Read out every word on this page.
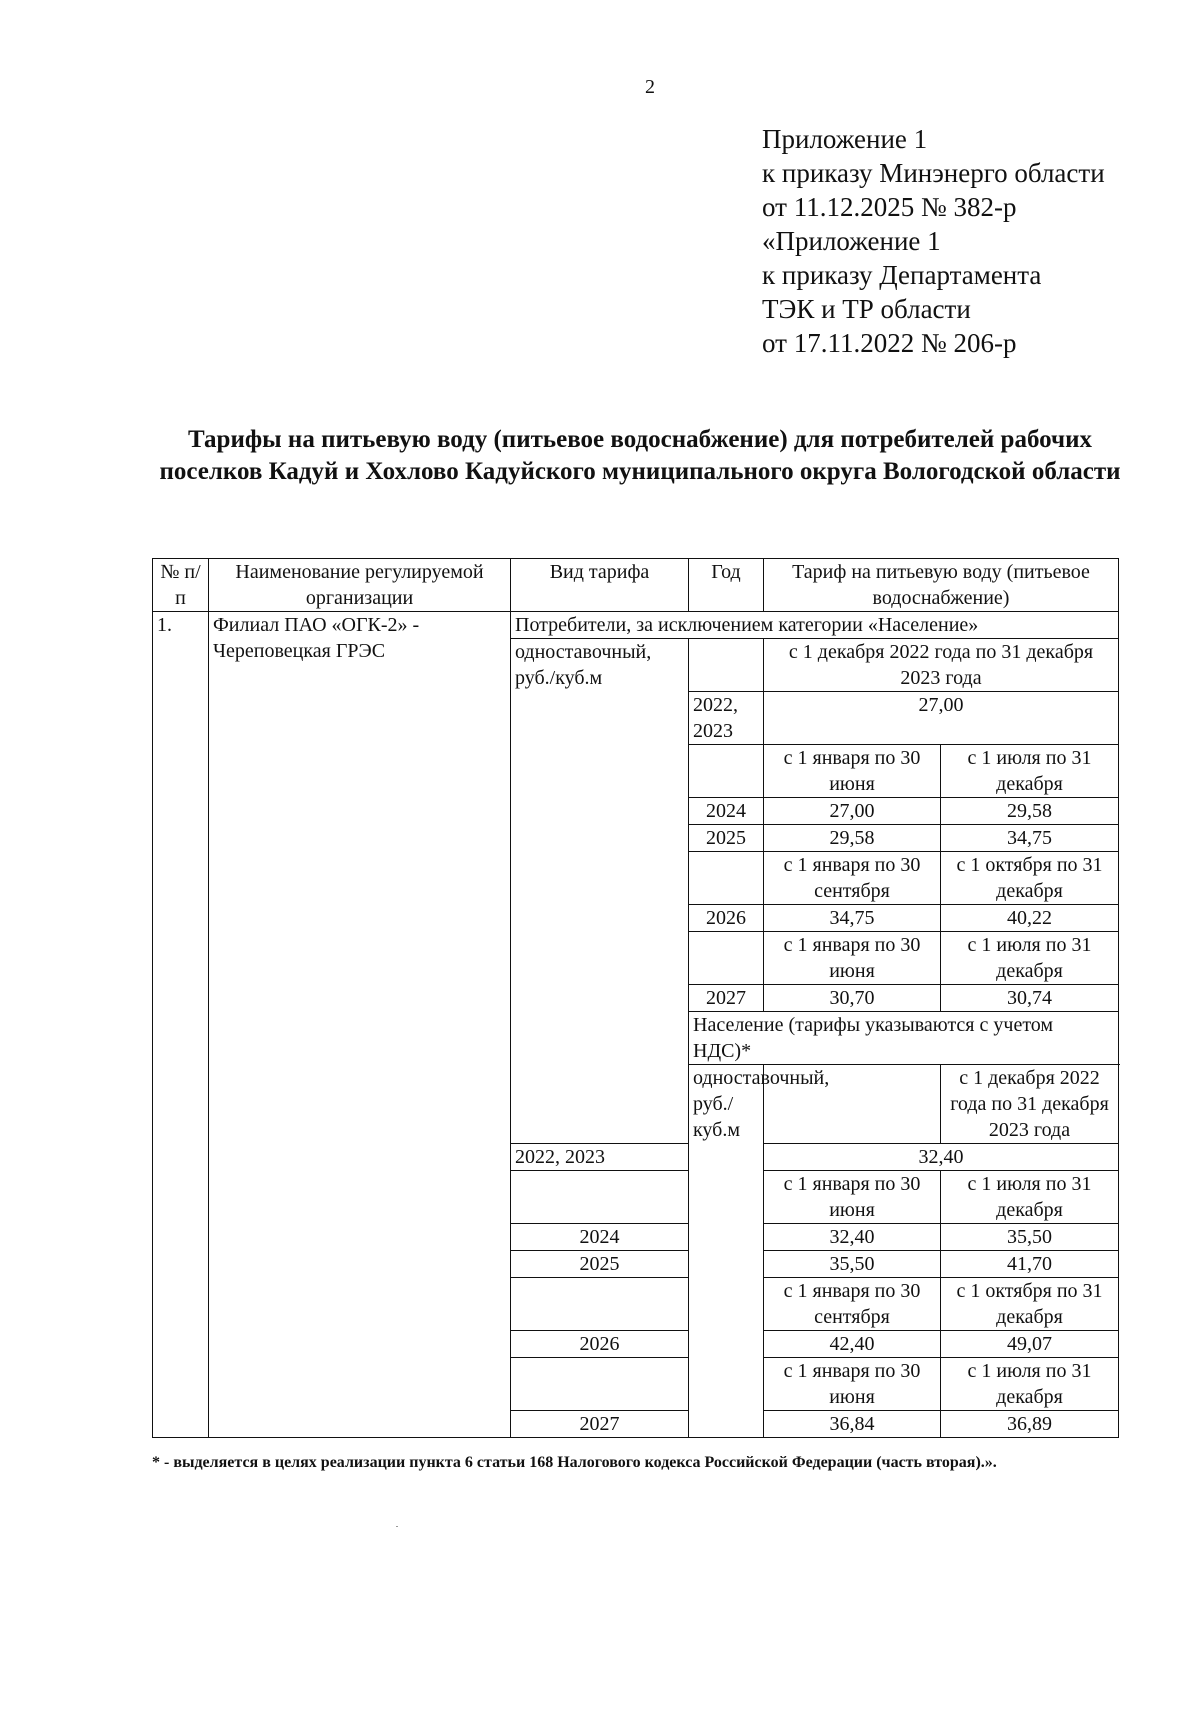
2
Приложение 1
к приказу Минэнерго области
от 11.12.2025 № 382-р
«Приложение 1
к приказу Департамента
ТЭК и ТР области
от 17.11.2022 № 206-р
Тарифы на питьевую воду (питьевое водоснабжение) для потребителей рабочих поселков Кадуй и Хохлово Кадуйского муниципального округа Вологодской области
№ п/п	Наименование регулируемой организации	Вид тарифа	Год	Тариф на питьевую воду (питьевое водоснабжение)	
1.	Филиал ПАО «ОГК-2» - Череповецкая ГРЭС	Потребители, за исключением категории «Население»			
		одноставочный, руб./куб.м		с 1 декабря 2022 года по 31 декабря 2023 года	
			2022, 2023	27,00	
				с 1 января по 30 июня	с 1 июля по 31 декабря
			2024	27,00	29,58
			2025	29,58	34,75
				с 1 января по 30 сентября	с 1 октября по 31 декабря
			2026	34,75	40,22
				с 1 января по 30 июня	с 1 июля по 31 декабря
			2027	30,70	30,74
			Население (тарифы указываются с учетом НДС)*		
			одноставочный, руб./куб.м		с 1 декабря 2022 года по 31 декабря 2023 года
		2022, 2023		32,40	
				с 1 января по 30 июня	с 1 июля по 31 декабря
		2024		32,40	35,50
		2025		35,50	41,70
				с 1 января по 30 сентября	с 1 октября по 31 декабря
		2026		42,40	49,07
				с 1 января по 30 июня	с 1 июля по 31 декабря
		2027		36,84	36,89
* - выделяется в целях реализации пункта 6 статьи 168 Налогового кодекса Российской Федерации (часть вторая).».
